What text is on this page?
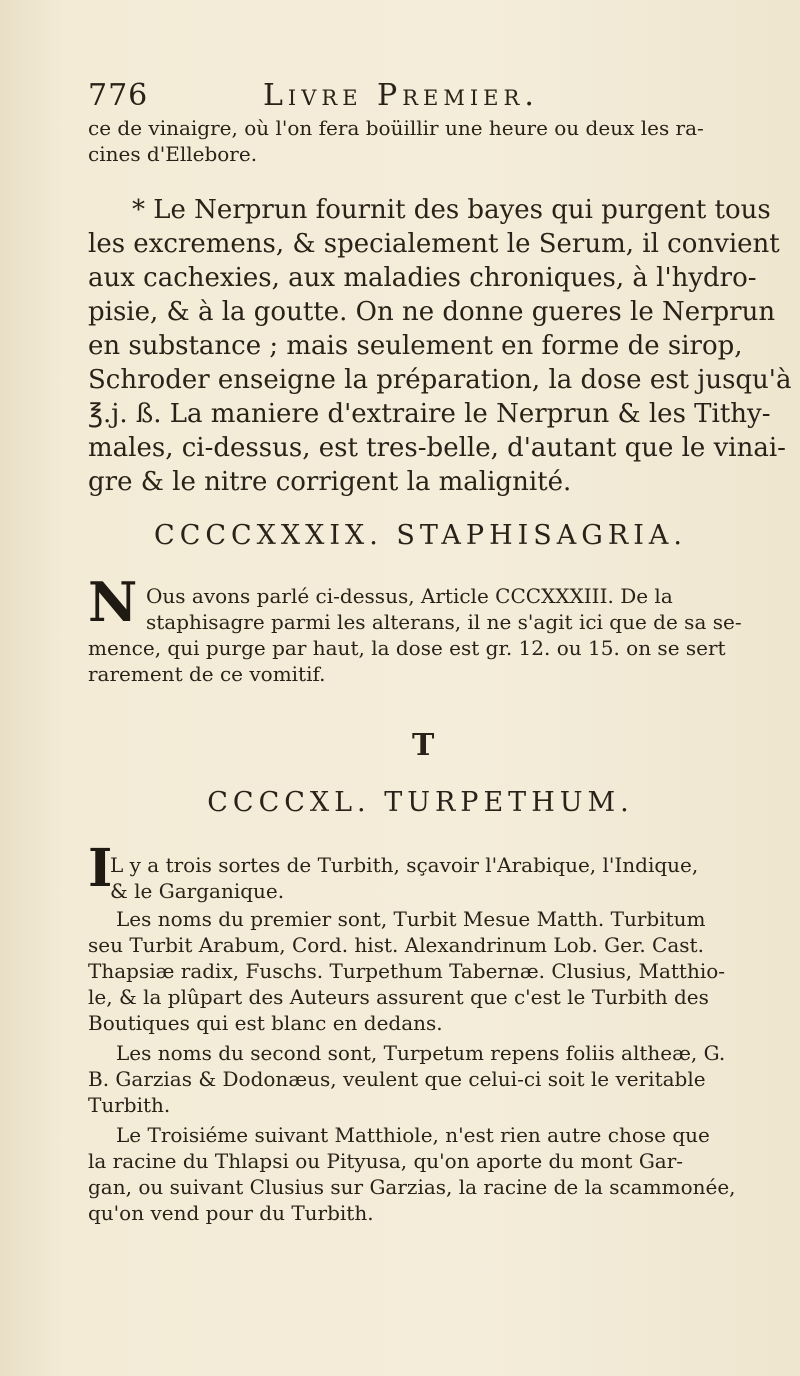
776	Livre Premier.
ce de vinaigre, où l'on fera boüillir une heure ou deux les ra-
cines d'Ellebore.
* Le Nerprun fournit des bayes qui purgent tous
les excremens, & specialement le Serum, il convient
aux cachexies, aux maladies chroniques, à l'hydro-
pisie, & à la goutte. On ne donne gueres le Nerprun
en substance ; mais seulement en forme de sirop,
Schroder enseigne la préparation, la dose est jusqu'à
℥.j. ß. La maniere d'extraire le Nerprun & les Tithy-
males, ci-dessus, est tres-belle, d'autant que le vinai-
gre & le nitre corrigent la malignité.
CCCCXXXIX. STAPHISAGRIA.
N Ous avons parlé ci-dessus, Article CCCXXXIII. De la
staphisagre parmi les alterans, il ne s'agit ici que de sa se-
mence, qui purge par haut, la dose est gr. 12. ou 15. on se sert
rarement de ce vomitif.
T
CCCCXL. TURPETHUM.
I
L y a trois sortes de Turbith, sçavoir l'Arabique, l'Indique,
& le Garganique.
Les noms du premier sont, Turbit Mesue Matth. Turbitum
seu Turbit Arabum, Cord. hist. Alexandrinum Lob. Ger. Cast.
Thapsiæ radix, Fuschs. Turpethum Tabernæ. Clusius, Matthio-
le, & la plûpart des Auteurs assurent que c'est le Turbith des
Boutiques qui est blanc en dedans.
Les noms du second sont, Turpetum repens foliis altheæ, G.
B. Garzias & Dodonæus, veulent que celui-ci soit le veritable
Turbith.
Le Troisiéme suivant Matthiole, n'est rien autre chose que
la racine du Thlapsi ou Pityusa, qu'on aporte du mont Gar-
gan, ou suivant Clusius sur Garzias, la racine de la scammonée,
qu'on vend pour du Turbith.
